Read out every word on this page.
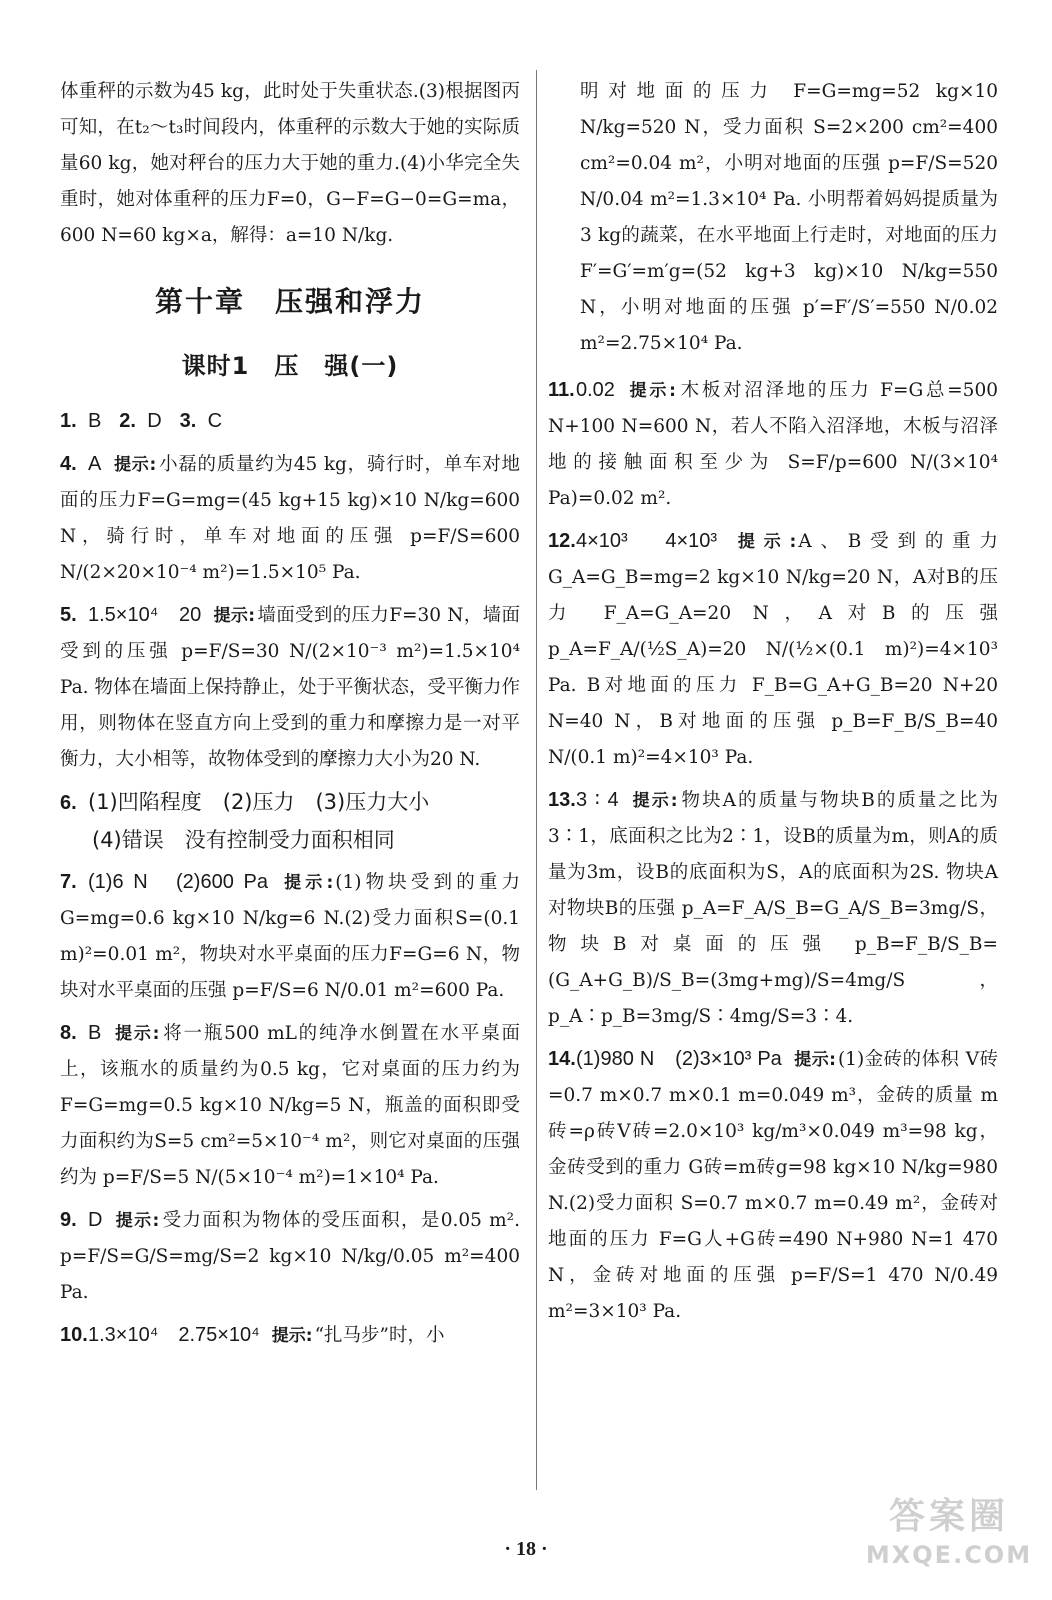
体重秤的示数为45 kg，此时处于失重状态.(3)根据图丙可知，在t₂～t₃时间段内，体重秤的示数大于她的实际质量60 kg，她对秤台的压力大于她的重力.(4)小华完全失重时，她对体重秤的压力F=0，G−F=G−0=G=ma，600 N=60 kg×a，解得：a=10 N/kg.

第十章　压强和浮力
课时1　压　强(一)
1. B 2. D 3. C
4. A 提示: 小磊的质量约为45 kg，骑行时，单车对地面的压力F=G=mg=(45 kg+15 kg)×10 N/kg=600 N，骑行时，单车对地面的压强 p=F/S=600 N/(2×20×10⁻⁴ m²)=1.5×10⁵ Pa.
5. 1.5×10⁴　20 提示: 墙面受到的压力F=30 N，墙面受到的压强 p=F/S=30 N/(2×10⁻³ m²)=1.5×10⁴ Pa. 物体在墙面上保持静止，处于平衡状态，受平衡力作用，则物体在竖直方向上受到的重力和摩擦力是一对平衡力，大小相等，故物体受到的摩擦力大小为20 N.
6. (1)凹陷程度　(2)压力　(3)压力大小
(4)错误　没有控制受力面积相同
7. (1)6 N　(2)600 Pa 提示: (1)物块受到的重力G=mg=0.6 kg×10 N/kg=6 N.(2)受力面积S=(0.1 m)²=0.01 m²，物块对水平桌面的压力F=G=6 N，物块对水平桌面的压强 p=F/S=6 N/0.01 m²=600 Pa.
8. B 提示: 将一瓶500 mL的纯净水倒置在水平桌面上，该瓶水的质量约为0.5 kg，它对桌面的压力约为F=G=mg=0.5 kg×10 N/kg=5 N，瓶盖的面积即受力面积约为S=5 cm²=5×10⁻⁴ m²，则它对桌面的压强约为 p=F/S=5 N/(5×10⁻⁴ m²)=1×10⁴ Pa.
9. D 提示: 受力面积为物体的受压面积，是0.05 m². p=F/S=G/S=mg/S=2 kg×10 N/kg/0.05 m²=400 Pa.
10.1.3×10⁴　2.75×10⁴ 提示: “扎马步”时，小

明对地面的压力 F=G=mg=52 kg×10 N/kg=520 N，受力面积 S=2×200 cm²=400 cm²=0.04 m²，小明对地面的压强 p=F/S=520 N/0.04 m²=1.3×10⁴ Pa. 小明帮着妈妈提质量为3 kg的蔬菜，在水平地面上行走时，对地面的压力 F′=G′=m′g=(52 kg+3 kg)×10 N/kg=550 N，小明对地面的压强 p′=F′/S′=550 N/0.02 m²=2.75×10⁴ Pa.

11.0.02 提示: 木板对沼泽地的压力 F=G总=500 N+100 N=600 N，若人不陷入沼泽地，木板与沼泽地的接触面积至少为 S=F/p=600 N/(3×10⁴ Pa)=0.02 m².
12.4×10³　4×10³ 提示: A、B受到的重力 G_A=G_B=mg=2 kg×10 N/kg=20 N，A对B的压力 F_A=G_A=20 N，A对B的压强 p_A=F_A/(½S_A)=20 N/(½×(0.1 m)²)=4×10³ Pa. B对地面的压力 F_B=G_A+G_B=20 N+20 N=40 N，B对地面的压强 p_B=F_B/S_B=40 N/(0.1 m)²=4×10³ Pa.
13.3 ∶ 4 提示: 物块A的质量与物块B的质量之比为3∶1，底面积之比为2∶1，设B的质量为m，则A的质量为3m，设B的底面积为S，A的底面积为2S. 物块A对物块B的压强 p_A=F_A/S_B=G_A/S_B=3mg/S，物块B对桌面的压强 p_B=F_B/S_B=(G_A+G_B)/S_B=(3mg+mg)/S=4mg/S，p_A∶p_B=3mg/S∶4mg/S=3∶4.
14.(1)980 N　(2)3×10³ Pa 提示: (1)金砖的体积 V砖=0.7 m×0.7 m×0.1 m=0.049 m³，金砖的质量 m砖=ρ砖V砖=2.0×10³ kg/m³×0.049 m³=98 kg，金砖受到的重力 G砖=m砖g=98 kg×10 N/kg=980 N.(2)受力面积 S=0.7 m×0.7 m=0.49 m²，金砖对地面的压力 F=G人+G砖=490 N+980 N=1 470 N，金砖对地面的压强 p=F/S=1 470 N/0.49 m²=3×10³ Pa.
· 18 ·
答案圈
MXQE.COM
